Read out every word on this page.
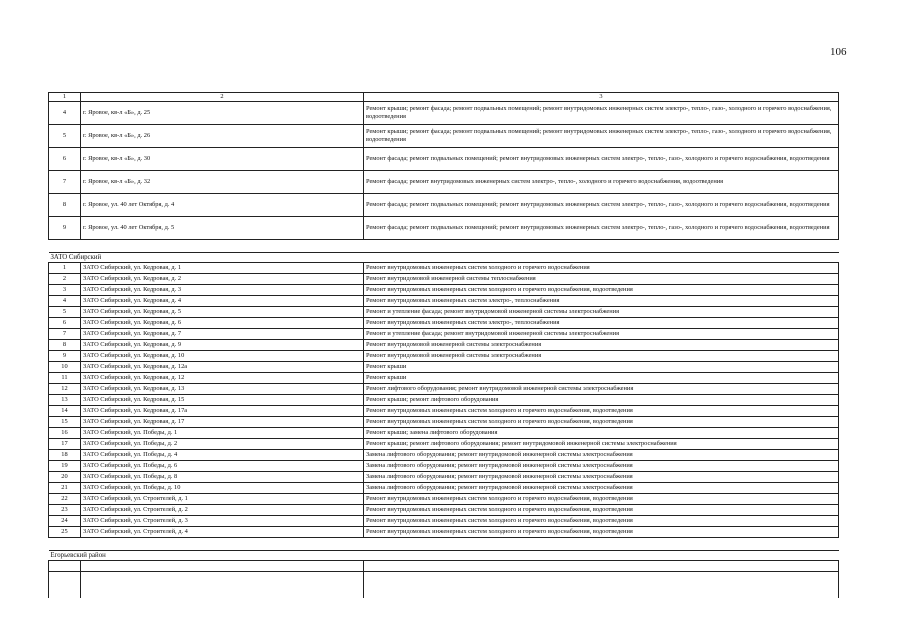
106
1	2	3
4	г. Яровое, кв-л «Б», д. 25	Ремонт крыши; ремонт фасада; ремонт подвальных помещений; ремонт внутридомовых инженерных систем электро-, тепло-, газо-, холодного и горячего водоснабжения, водоотведения
5	г. Яровое, кв-л «Б», д. 26	Ремонт крыши; ремонт фасада; ремонт подвальных помещений; ремонт внутридомовых инженерных систем электро-, тепло-, газо-, холодного и горячего водоснабжения, водоотведения
6	г. Яровое, кв-л «Б», д. 30	Ремонт фасада; ремонт подвальных помещений; ремонт внутридомовых инженерных систем электро-, тепло-, газо-, холодного и горячего водоснабжения, водоотведения
7	г. Яровое, кв-л «Б», д. 32	Ремонт фасада; ремонт внутридомовых инженерных систем электро-, тепло-, холодного и горячего водоснабжения, водоотведения
8	г. Яровое, ул. 40 лет Октября, д. 4	Ремонт фасада; ремонт подвальных помещений; ремонт внутридомовых инженерных систем электро-, тепло-, газо-, холодного и горячего водоснабжения, водоотведения
9	г. Яровое, ул. 40 лет Октября, д. 5	Ремонт фасада; ремонт подвальных помещений; ремонт внутридомовых инженерных систем электро-, тепло-, газо-, холодного и горячего водоснабжения, водоотведения

ЗАТО Сибирский		
1	ЗАТО Сибирский, ул. Кедровая, д. 1	Ремонт внутридомовых инженерных систем холодного и горячего водоснабжения
2	ЗАТО Сибирский, ул. Кедровая, д. 2	Ремонт внутридомовой инженерной системы теплоснабжения
3	ЗАТО Сибирский, ул. Кедровая, д. 3	Ремонт внутридомовых инженерных систем холодного и горячего водоснабжения, водоотведения
4	ЗАТО Сибирский, ул. Кедровая, д. 4	Ремонт внутридомовых инженерных систем электро-, теплоснабжения
5	ЗАТО Сибирский, ул. Кедровая, д. 5	Ремонт и утепление фасада; ремонт внутридомовой инженерной системы электроснабжения
6	ЗАТО Сибирский, ул. Кедровая, д. 6	Ремонт внутридомовых инженерных систем электро-, теплоснабжения
7	ЗАТО Сибирский, ул. Кедровая, д. 7	Ремонт и утепление фасада; ремонт внутридомовой инженерной системы электроснабжения
8	ЗАТО Сибирский, ул. Кедровая, д. 9	Ремонт внутридомовой инженерной системы электроснабжения
9	ЗАТО Сибирский, ул. Кедровая, д. 10	Ремонт внутридомовой инженерной системы электроснабжения
10	ЗАТО Сибирский, ул. Кедровая, д. 12а	Ремонт крыши
11	ЗАТО Сибирский, ул. Кедровая, д. 12	Ремонт крыши
12	ЗАТО Сибирский, ул. Кедровая, д. 13	Ремонт лифтового оборудования; ремонт внутридомовой инженерной системы электроснабжения
13	ЗАТО Сибирский, ул. Кедровая, д. 15	Ремонт крыши; ремонт лифтового оборудования
14	ЗАТО Сибирский, ул. Кедровая, д. 17а	Ремонт внутридомовых инженерных систем холодного и горячего водоснабжения, водоотведения
15	ЗАТО Сибирский, ул. Кедровая, д. 17	Ремонт внутридомовых инженерных систем холодного и горячего водоснабжения, водоотведения
16	ЗАТО Сибирский, ул. Победы, д. 1	Ремонт крыши; замена лифтового оборудования
17	ЗАТО Сибирский, ул. Победы, д. 2	Ремонт крыши; ремонт лифтового оборудования; ремонт внутридомовой инженерной системы электроснабжения
18	ЗАТО Сибирский, ул. Победы, д. 4	Замена лифтового оборудования; ремонт внутридомовой инженерной системы электроснабжения
19	ЗАТО Сибирский, ул. Победы, д. 6	Замена лифтового оборудования; ремонт внутридомовой инженерной системы электроснабжения
20	ЗАТО Сибирский, ул. Победы, д. 8	Замена лифтового оборудования; ремонт внутридомовой инженерной системы электроснабжения
21	ЗАТО Сибирский, ул. Победы, д. 10	Замена лифтового оборудования; ремонт внутридомовой инженерной системы электроснабжения
22	ЗАТО Сибирский, ул. Строителей, д. 1	Ремонт внутридомовых инженерных систем холодного и горячего водоснабжения, водоотведения
23	ЗАТО Сибирский, ул. Строителей, д. 2	Ремонт внутридомовых инженерных систем холодного и горячего водоснабжения, водоотведения
24	ЗАТО Сибирский, ул. Строителей, д. 3	Ремонт внутридомовых инженерных систем холодного и горячего водоснабжения, водоотведения
25	ЗАТО Сибирский, ул. Строителей, д. 4	Ремонт внутридомовых инженерных систем холодного и горячего водоснабжения, водоотведения

Егорьевский район		
